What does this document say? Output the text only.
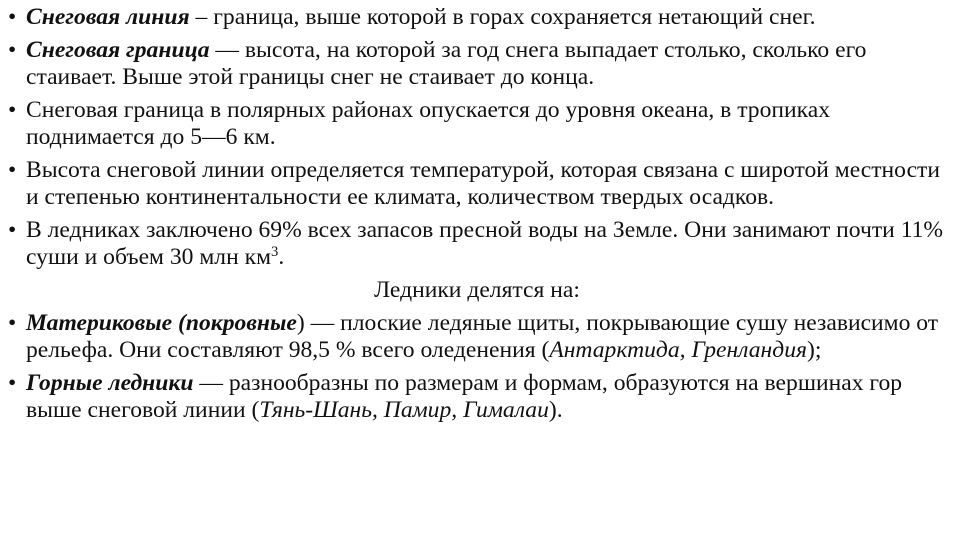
• Снеговая линия – граница, выше которой в горах сохраняется нетающий снег.
• Снеговая граница — высота, на которой за год снега выпадает столько, сколько его стаивает. Выше этой границы снег не стаивает до конца.
• Снеговая граница в полярных районах опускается до уровня океана, в тропиках поднимается до 5—6 км.
• Высота снеговой линии определяется температурой, которая связана с широтой местности и степенью континентальности ее климата, количеством твердых осадков.
• В ледниках заключено 69% всех запасов пресной воды на Земле. Они занимают почти 11% суши и объем 30 млн $км^3$.
Ледники делятся на:
• Материковые (покровные) — плоские ледяные щиты, покрывающие сушу независимо от рельефа. Они составляют 98,5 % всего оледенения (Антарктида, Гренландия);
• Горные ледники — разнообразны по размерам и формам, образуются на вершинах гор выше снеговой линии (Тянь-Шань, Памир, Гималаи).
